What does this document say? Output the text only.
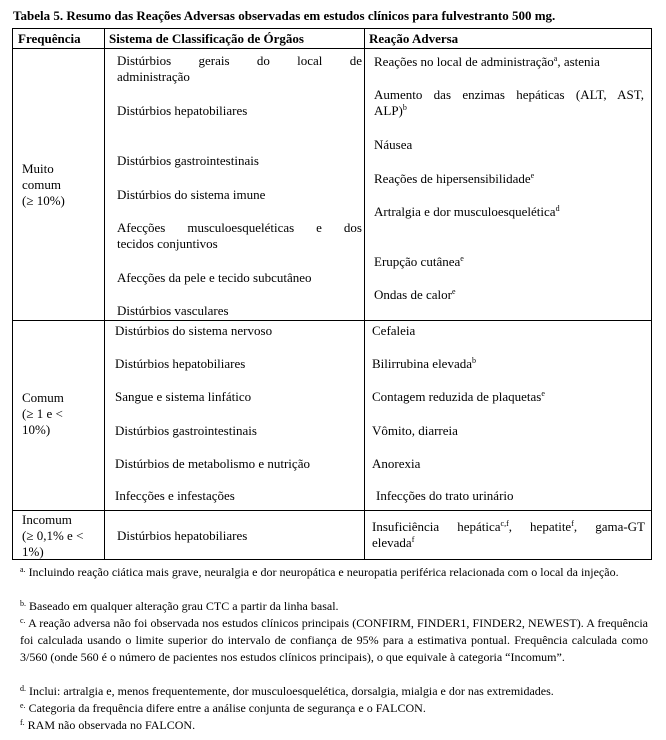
Tabela 5. Resumo das Reações Adversas observadas em estudos clínicos para fulvestranto 500 mg.
Frequência Sistema de Classificação de Órgãos	Reação Adversa
Muito
comum
(≥ 10%)
Distúrbios gerais do local de
administração
Distúrbios hepatobiliares
Distúrbios gastrointestinais
Distúrbios do sistema imune
Afecções musculoesqueléticas e dos
tecidos conjuntivos
Afecções da pele e tecido subcutâneo
Distúrbios vasculares
Reações no local de administração$^a$, astenia
Aumento das enzimas hepáticas (ALT, AST,
ALP)$^b$
Náusea
Reações de hipersensibilidade$^e$
Artralgia e dor musculoesquelética$^d$
Erupção cutânea$^e$
Ondas de calor$^e$
Comum
(≥ 1 e <
10%)
Distúrbios do sistema nervoso
Distúrbios hepatobiliares
Sangue e sistema linfático
Distúrbios gastrointestinais
Distúrbios de metabolismo e nutrição
Infecções e infestações
Cefaleia
Bilirrubina elevada$^b$
Contagem reduzida de plaquetas$^e$
Vômito, diarreia
Anorexia
Infecções do trato urinário
Incomum
(≥ 0,1% e <
1%)
Distúrbios hepatobiliares
Insuficiência hepática$^{c,f}$, hepatite$^f$, gama-GT
elevada$^f$
$^{a.}$ Incluindo reação ciática mais grave, neuralgia e dor neuropática e neuropatia periférica relacionada com o local da injeção.
$^{b.}$ Baseado em qualquer alteração grau CTC a partir da linha basal.
$^{c.}$ A reação adversa não foi observada nos estudos clínicos principais (CONFIRM, FINDER1, FINDER2, NEWEST). A frequência foi calculada usando o limite superior do intervalo de confiança de 95% para a estimativa pontual. Frequência calculada como 3/560 (onde 560 é o número de pacientes nos estudos clínicos principais), o que equivale à categoria “Incomum”.
$^{d.}$ Inclui: artralgia e, menos frequentemente, dor musculoesquelética, dorsalgia, mialgia e dor nas extremidades.
$^{e.}$ Categoria da frequência difere entre a análise conjunta de segurança e o FALCON.
$^{f.}$ RAM não observada no FALCON.
